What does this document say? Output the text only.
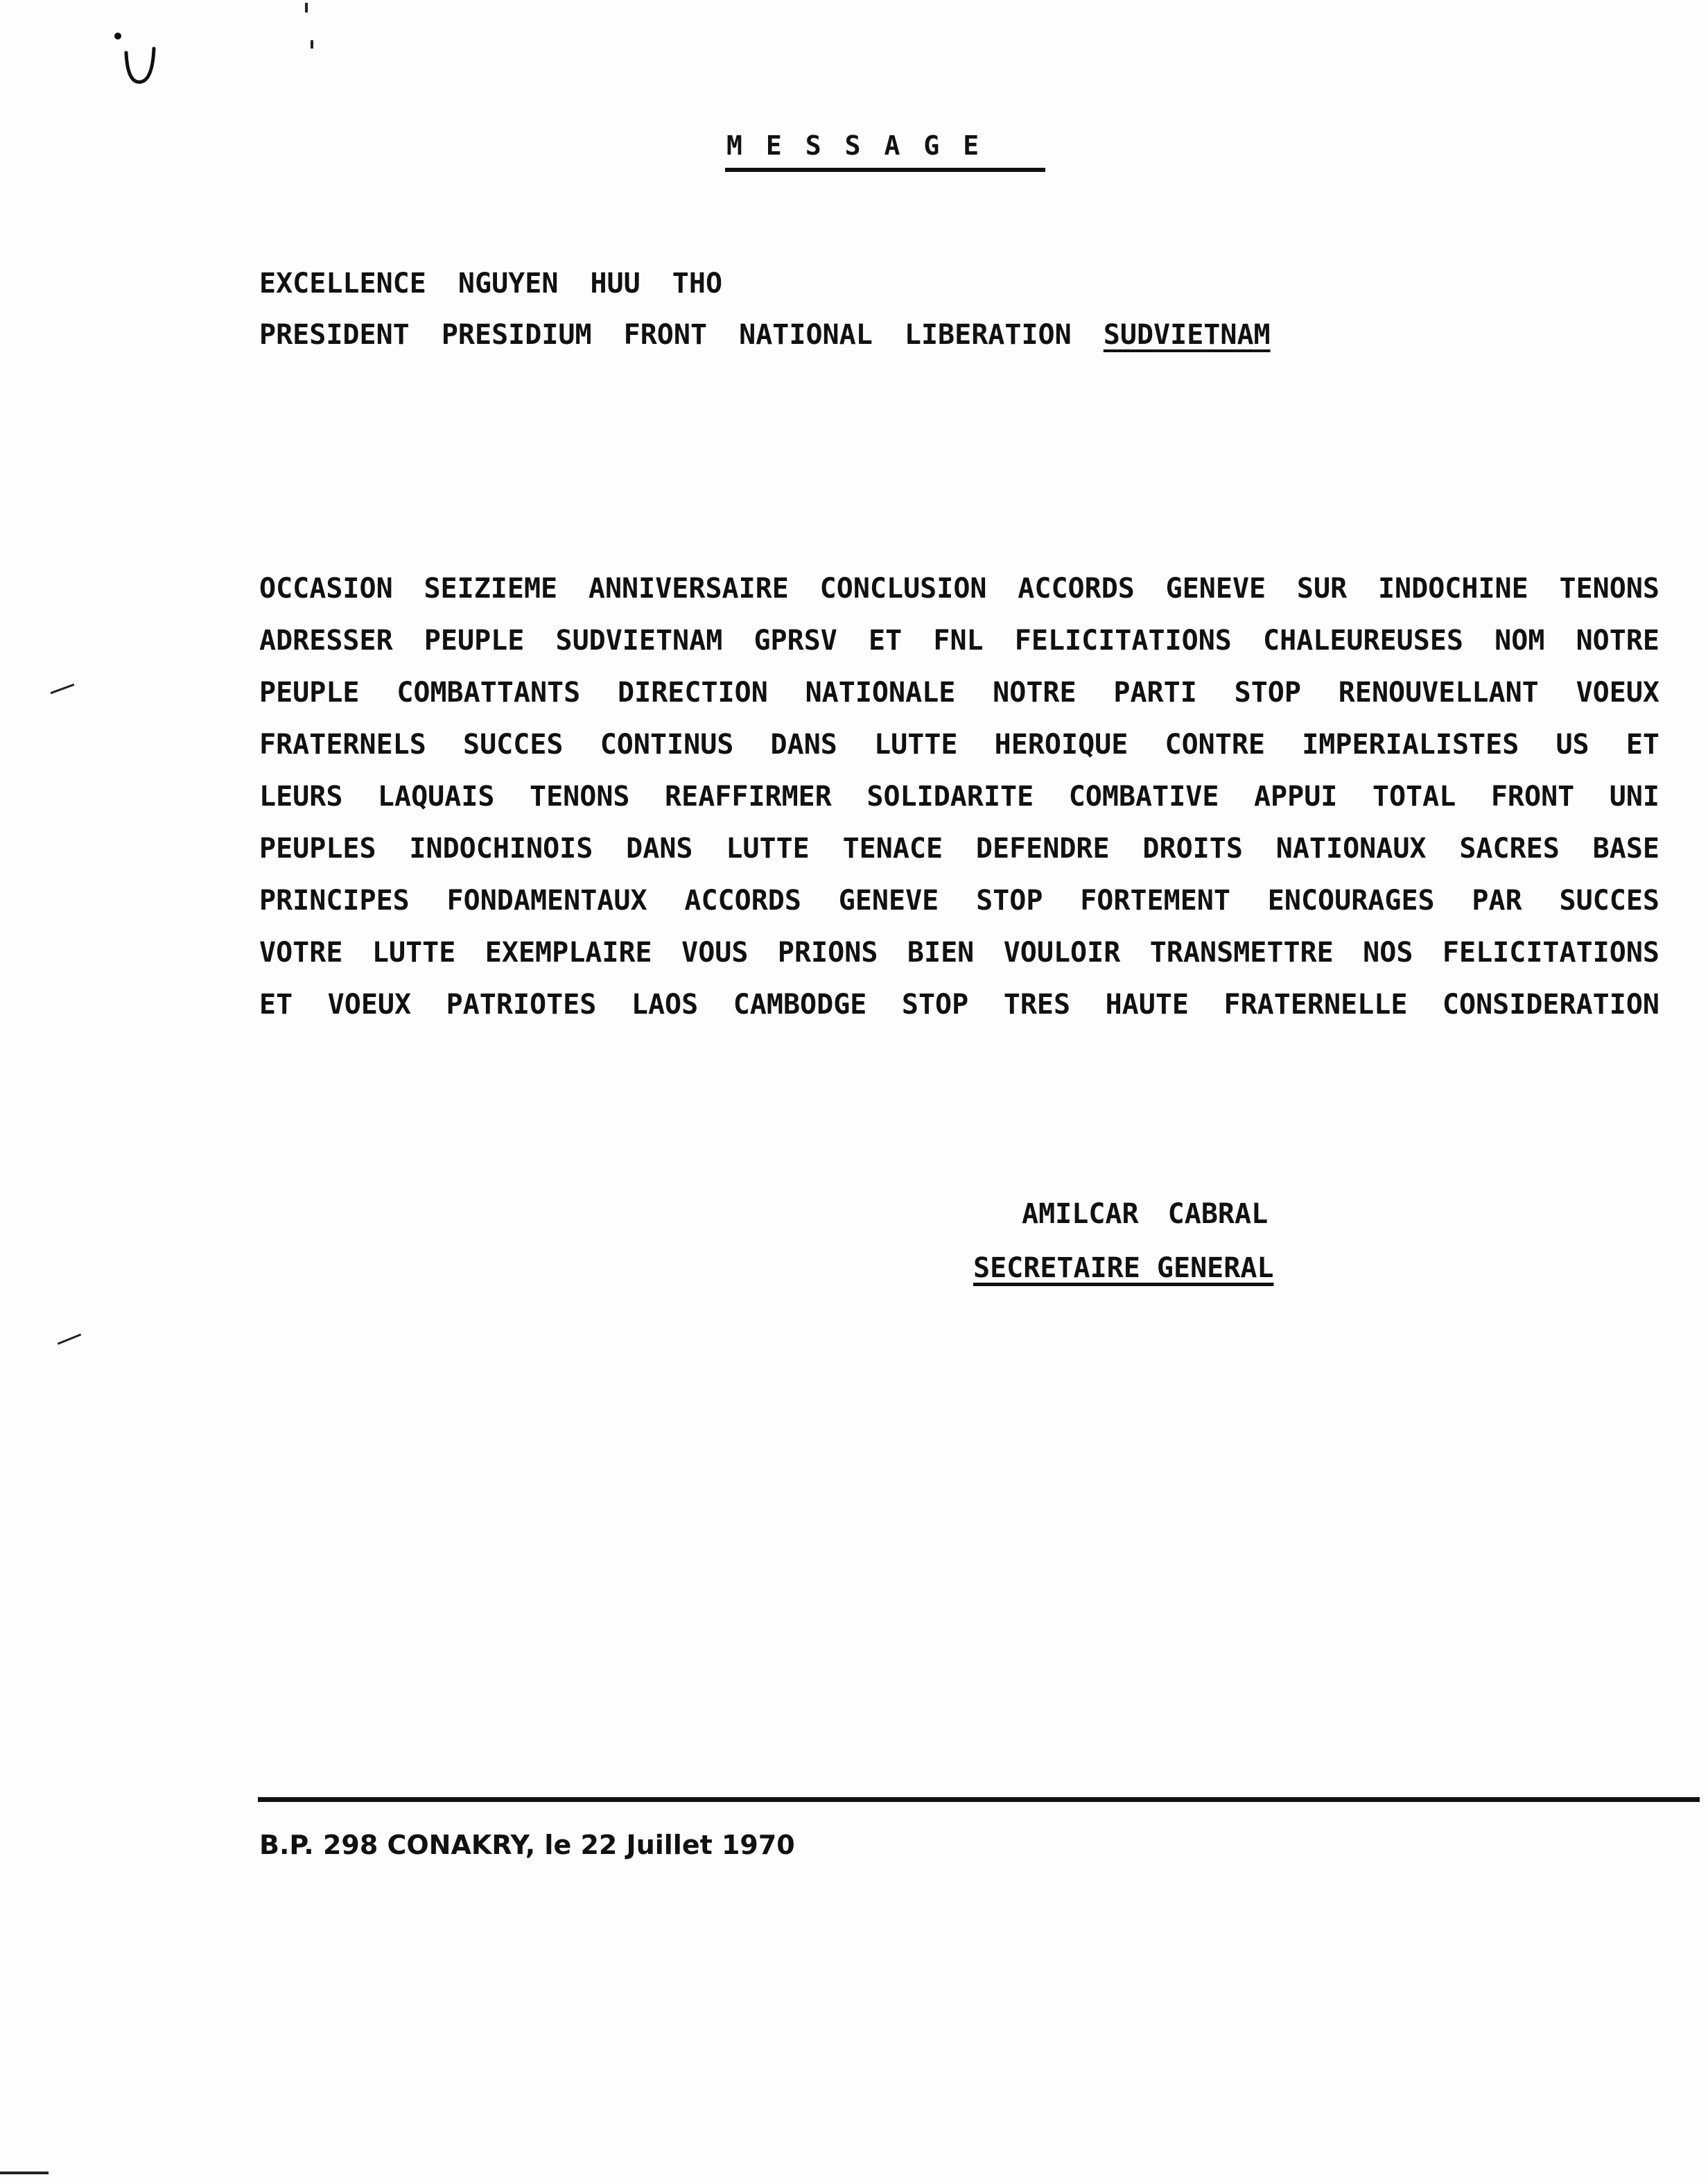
MESSAGE
EXCELLENCE NGUYEN HUU THO
PRESIDENT PRESIDIUM FRONT NATIONAL LIBERATION SUDVIETNAM
OCCASION SEIZIEME ANNIVERSAIRE CONCLUSION ACCORDS GENEVE SUR INDOCHINE TENONS
ADRESSER PEUPLE SUDVIETNAM GPRSV ET FNL FELICITATIONS CHALEUREUSES NOM NOTRE
PEUPLE COMBATTANTS DIRECTION NATIONALE NOTRE PARTI STOP RENOUVELLANT VOEUX
FRATERNELS SUCCES CONTINUS DANS LUTTE HEROIQUE CONTRE IMPERIALISTES US ET
LEURS LAQUAIS TENONS REAFFIRMER SOLIDARITE COMBATIVE APPUI TOTAL FRONT UNI
PEUPLES INDOCHINOIS DANS LUTTE TENACE DEFENDRE DROITS NATIONAUX SACRES BASE
PRINCIPES FONDAMENTAUX ACCORDS GENEVE STOP FORTEMENT ENCOURAGES PAR SUCCES
VOTRE LUTTE EXEMPLAIRE VOUS PRIONS BIEN VOULOIR TRANSMETTRE NOS FELICITATIONS
ET VOEUX PATRIOTES LAOS CAMBODGE STOP TRES HAUTE FRATERNELLE CONSIDERATION
AMILCAR CABRAL
SECRETAIRE GENERAL
B.P. 298 CONAKRY, le 22 Juillet 1970
